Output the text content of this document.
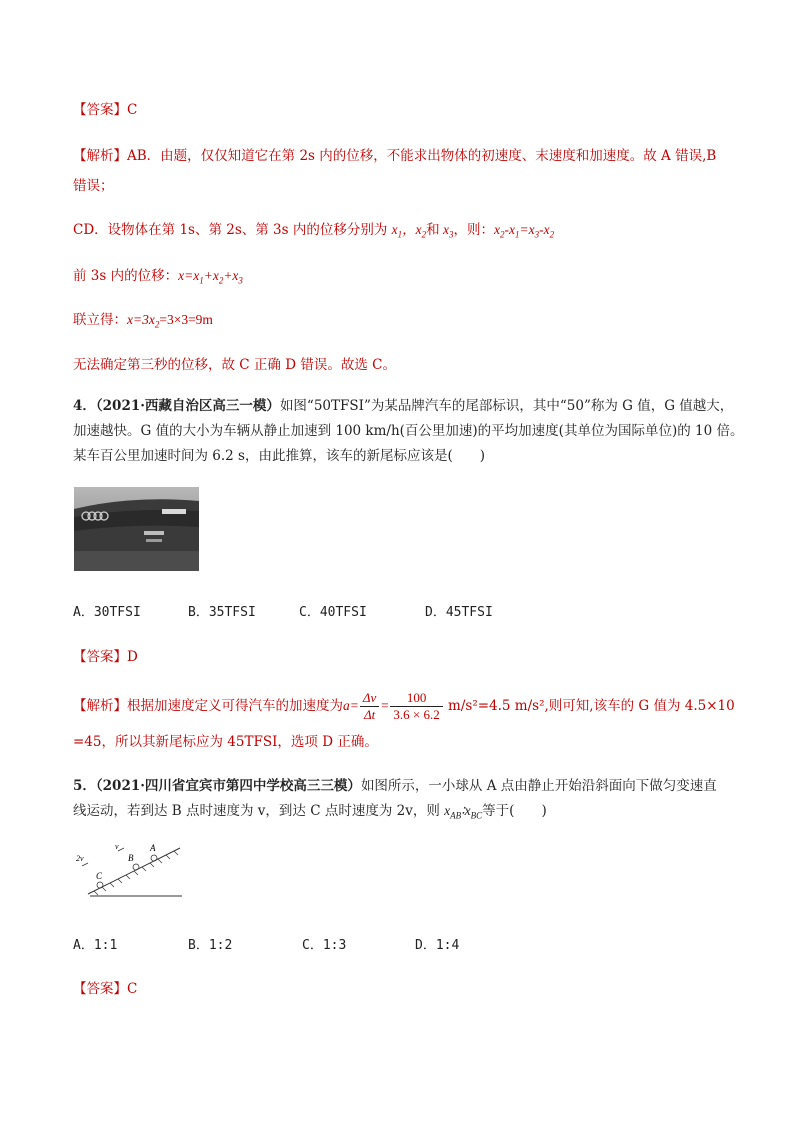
【答案】C
【解析】AB．由题，仅仅知道它在第 2s 内的位移，不能求出物体的初速度、末速度和加速度。故 A 错误,B
错误；
CD．设物体在第 1s、第 2s、第 3s 内的位移分别为 $x_1$，$x_2$和 $x_3$，则：$x_2-x_1=x_3-x_2$
前 3s 内的位移：$x=x_1+x_2+x_3$
联立得：$x=3x_2=3\times 3=9m$
无法确定第三秒的位移，故 C 正确 D 错误。故选 C。
4．（2021·西藏自治区高三一模）如图“50TFSI”为某品牌汽车的尾部标识，其中“50”称为 G 值，G 值越大，
加速越快。G 值的大小为车辆从静止加速到 100 km/h(百公里加速)的平均加速度(其单位为国际单位)的 10 倍。
某车百公里加速时间为 6.2 s，由此推算，该车的新尾标应该是(　　)
A．30TFSI	B．35TFSI	C．40TFSI	D．45TFSI
【答案】D
【解析】根据加速度定义可得汽车的加速度为$a= \frac{\Delta v}{\Delta t} = \frac{100}{3.6 \times 6.2} m/s^2=4.5$ m/s²,则可知,该车的 G 值为 4.5×10
=45，所以其新尾标应为 45TFSI，选项 D 正确。
5．（2021·四川省宜宾市第四中学校高三三模）如图所示，一小球从 A 点由静止开始沿斜面向下做匀变速直
线运动，若到达 B 点时速度为 v，到达 C 点时速度为 2v，则 $x_{AB}∶x_{BC}$等于(　　)
A
B
C
v
2v
A．1:1	B．1:2	C．1:3	D．1:4
【答案】C
